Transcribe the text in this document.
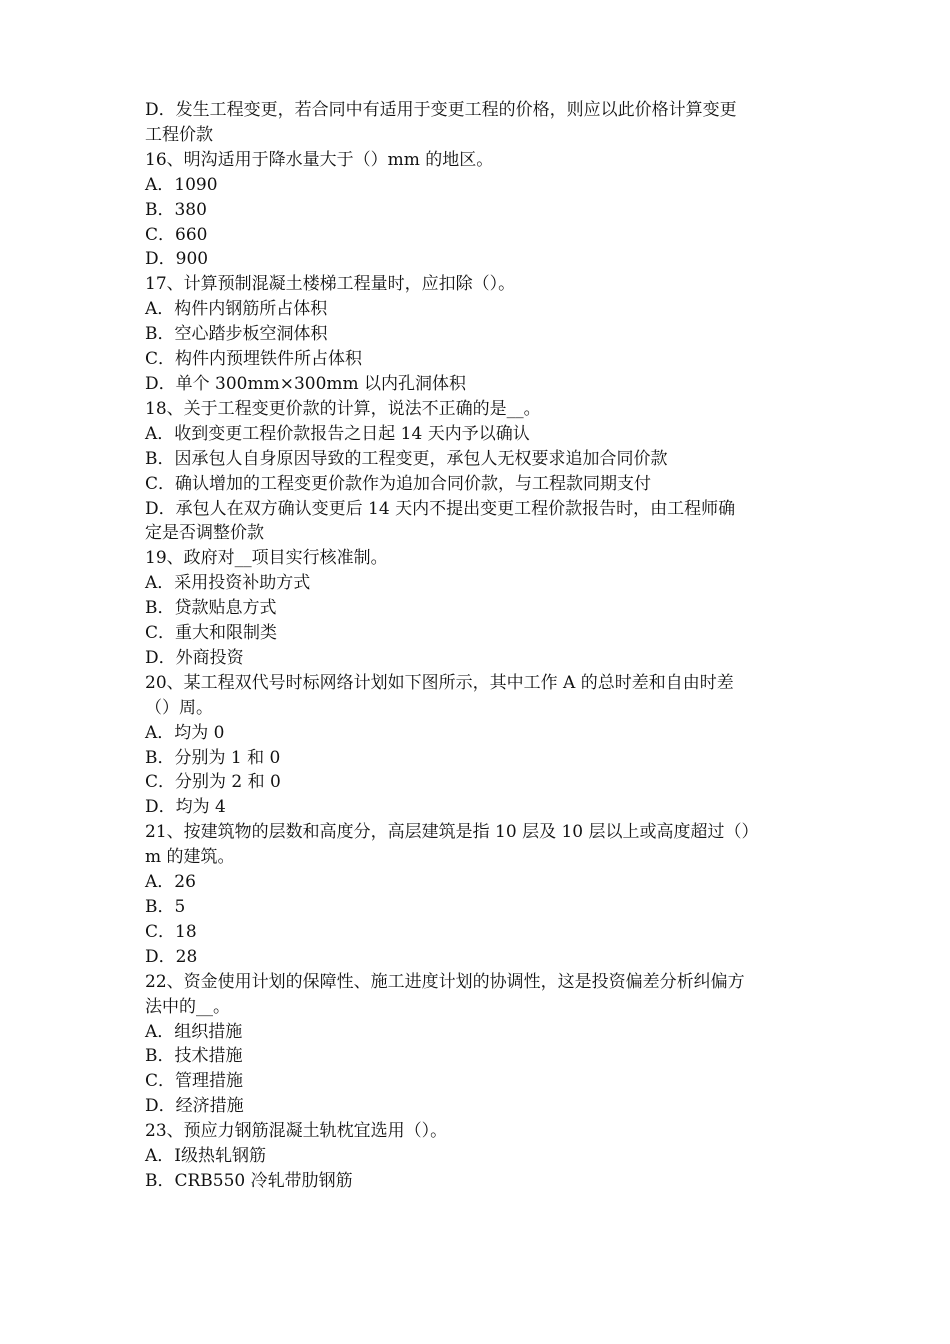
D．发生工程变更，若合同中有适用于变更工程的价格，则应以此价格计算变更

工程价款

16、明沟适用于降水量大于（）mm 的地区。

A．1090

B．380

C．660

D．900

17、计算预制混凝土楼梯工程量时，应扣除（）。

A．构件内钢筋所占体积

B．空心踏步板空洞体积

C．构件内预埋铁件所占体积

D．单个 300mm×300mm 以内孔洞体积

18、关于工程变更价款的计算，说法不正确的是__。

A．收到变更工程价款报告之日起 14 天内予以确认

B．因承包人自身原因导致的工程变更，承包人无权要求追加合同价款

C．确认增加的工程变更价款作为追加合同价款，与工程款同期支付

D．承包人在双方确认变更后 14 天内不提出变更工程价款报告时，由工程师确

定是否调整价款

19、政府对__项目实行核准制。

A．采用投资补助方式

B．贷款贴息方式

C．重大和限制类

D．外商投资

20、某工程双代号时标网络计划如下图所示，其中工作 A 的总时差和自由时差

（）周。

A．均为 0

B．分别为 1 和 0

C．分别为 2 和 0

D．均为 4

21、按建筑物的层数和高度分，高层建筑是指 10 层及 10 层以上或高度超过（）

m 的建筑。

A．26

B．5

C．18

D．28

22、资金使用计划的保障性、施工进度计划的协调性，这是投资偏差分析纠偏方

法中的__。

A．组织措施

B．技术措施

C．管理措施

D．经济措施

23、预应力钢筋混凝土轨枕宜选用（）。

A．Ⅰ级热轧钢筋

B．CRB550 冷轧带肋钢筋
